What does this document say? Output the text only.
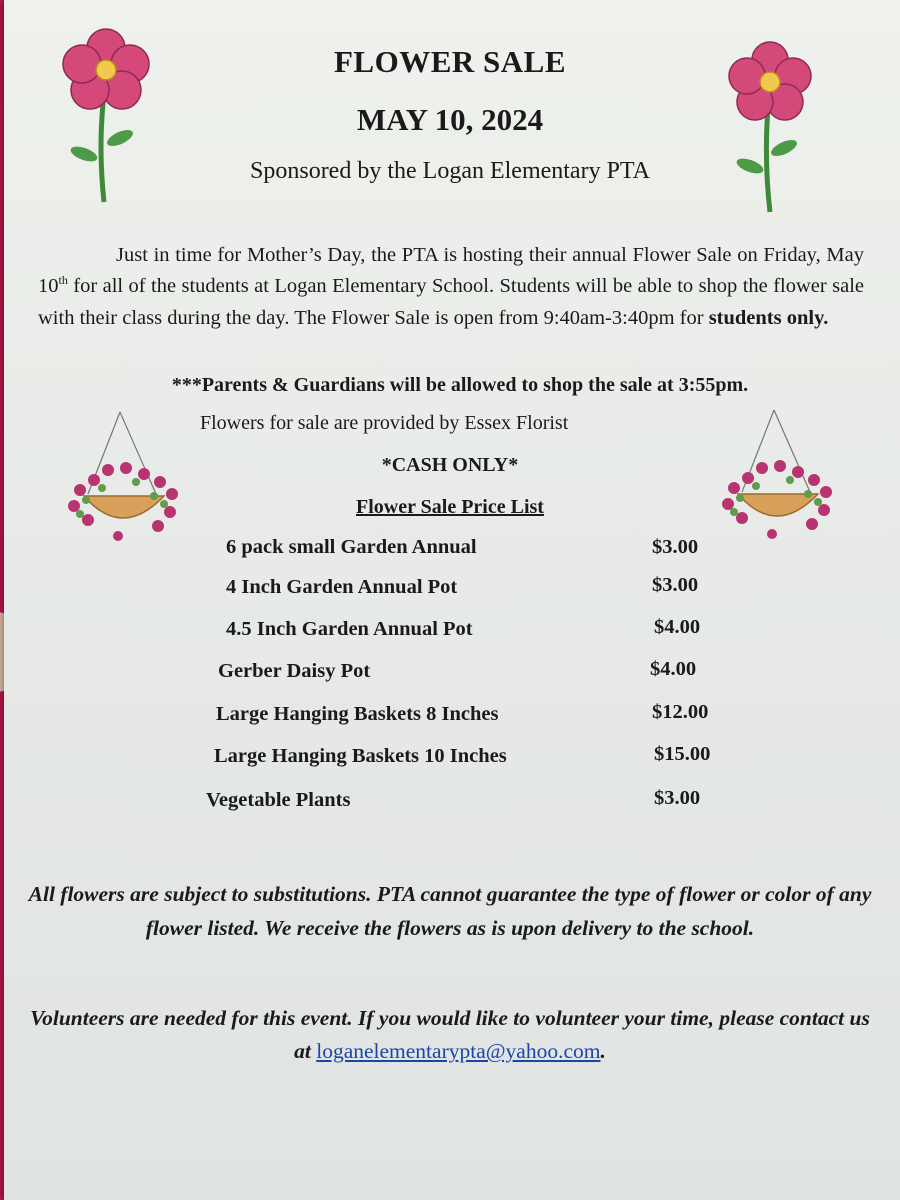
FLOWER SALE
MAY 10, 2024
Sponsored by the Logan Elementary PTA
Just in time for Mother’s Day, the PTA is hosting their annual Flower Sale on Friday, May 10th for all of the students at Logan Elementary School. Students will be able to shop the flower sale with their class during the day. The Flower Sale is open from 9:40am-3:40pm for students only.
***Parents & Guardians will be allowed to shop the sale at 3:55pm.
Flowers for sale are provided by Essex Florist
*CASH ONLY*
Flower Sale Price List
6 pack small Garden Annual	$3.00
4 Inch Garden Annual Pot	$3.00
4.5 Inch Garden Annual Pot	$4.00
Gerber Daisy Pot	$4.00
Large Hanging Baskets 8 Inches	$12.00
Large Hanging Baskets 10 Inches	$15.00
Vegetable Plants	$3.00
All flowers are subject to substitutions. PTA cannot guarantee the type of flower or color of any flower listed. We receive the flowers as is upon delivery to the school.
Volunteers are needed for this event. If you would like to volunteer your time, please contact us at loganelementarypta@yahoo.com.
